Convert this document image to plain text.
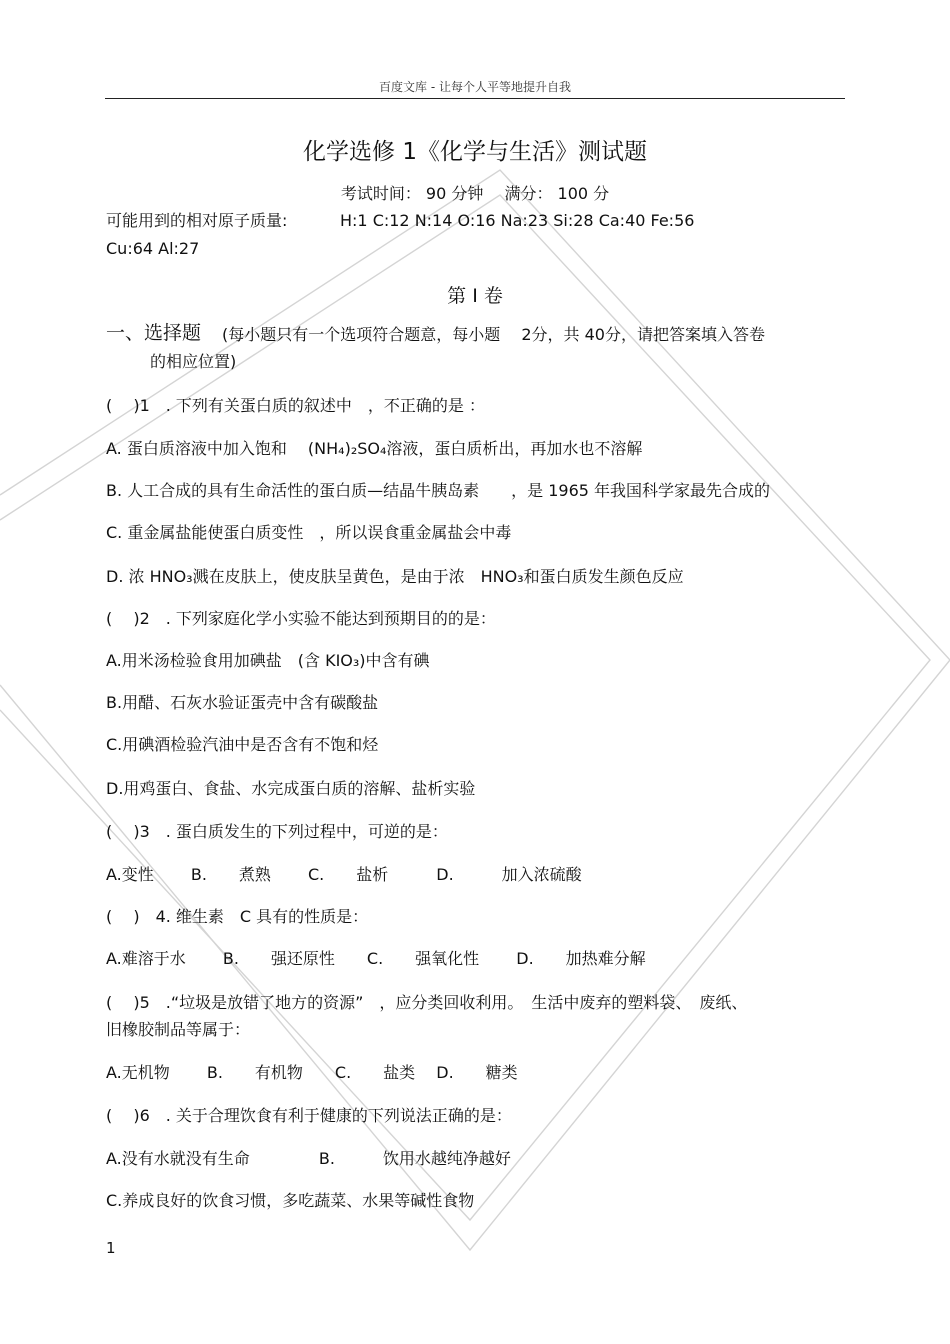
百度文库 - 让每个人平等地提升自我
化学选修 1《化学与生活》测试题
考试时间： 90 分钟　 满分： 100 分
可能用到的相对原子质量:	H:1 C:12 N:14 O:16 Na:23 Si:28 Ca:40 Fe:56
Cu:64 Al:27
第 I 卷
一、选择题 (每小题只有一个选项符合题意，每小题　 2分，共 40分，请把答案填入答卷
的相应位置)
(　 )1　. 下列有关蛋白质的叙述中　，不正确的是 ：
A. 蛋白质溶液中加入饱和　 (NH₄)₂SO₄溶液，蛋白质析出，再加水也不溶解
B. 人工合成的具有生命活性的蛋白质—结晶牛胰岛素　　，是 1965 年我国科学家最先合成的
C. 重金属盐能使蛋白质变性　，所以误食重金属盐会中毒
D. 浓 HNO₃溅在皮肤上，使皮肤呈黄色，是由于浓　HNO₃和蛋白质发生颜色反应
(　 )2　. 下列家庭化学小实验不能达到预期目的的是：
A.用米汤检验食用加碘盐　(含 KIO₃)中含有碘
B.用醋、石灰水验证蛋壳中含有碳酸盐
C.用碘酒检验汽油中是否含有不饱和烃
D.用鸡蛋白、食盐、水完成蛋白质的溶解、盐析实验
(　 )3　. 蛋白质发生的下列过程中，可逆的是：
A.变性　　 B.　　煮熟　　 C.　　盐析　　　D.　　　加入浓硫酸
(　 )　4. 维生素　C 具有的性质是：
A.难溶于水　　 B.　　强还原性　　C.　　强氧化性　　 D.　　加热难分解
(　 )5　.“垃圾是放错了地方的资源”　，应分类回收利用。　生活中废弃的塑料袋、　废纸、
旧橡胶制品等属于：
A.无机物　　 B.　　有机物　　C.　　盐类　 D.　　糖类
(　 )6　. 关于合理饮食有利于健康的下列说法正确的是：
A.没有水就没有生命　　　　 B.　　　饮用水越纯净越好
C.养成良好的饮食习惯，多吃蔬菜、水果等碱性食物
1
